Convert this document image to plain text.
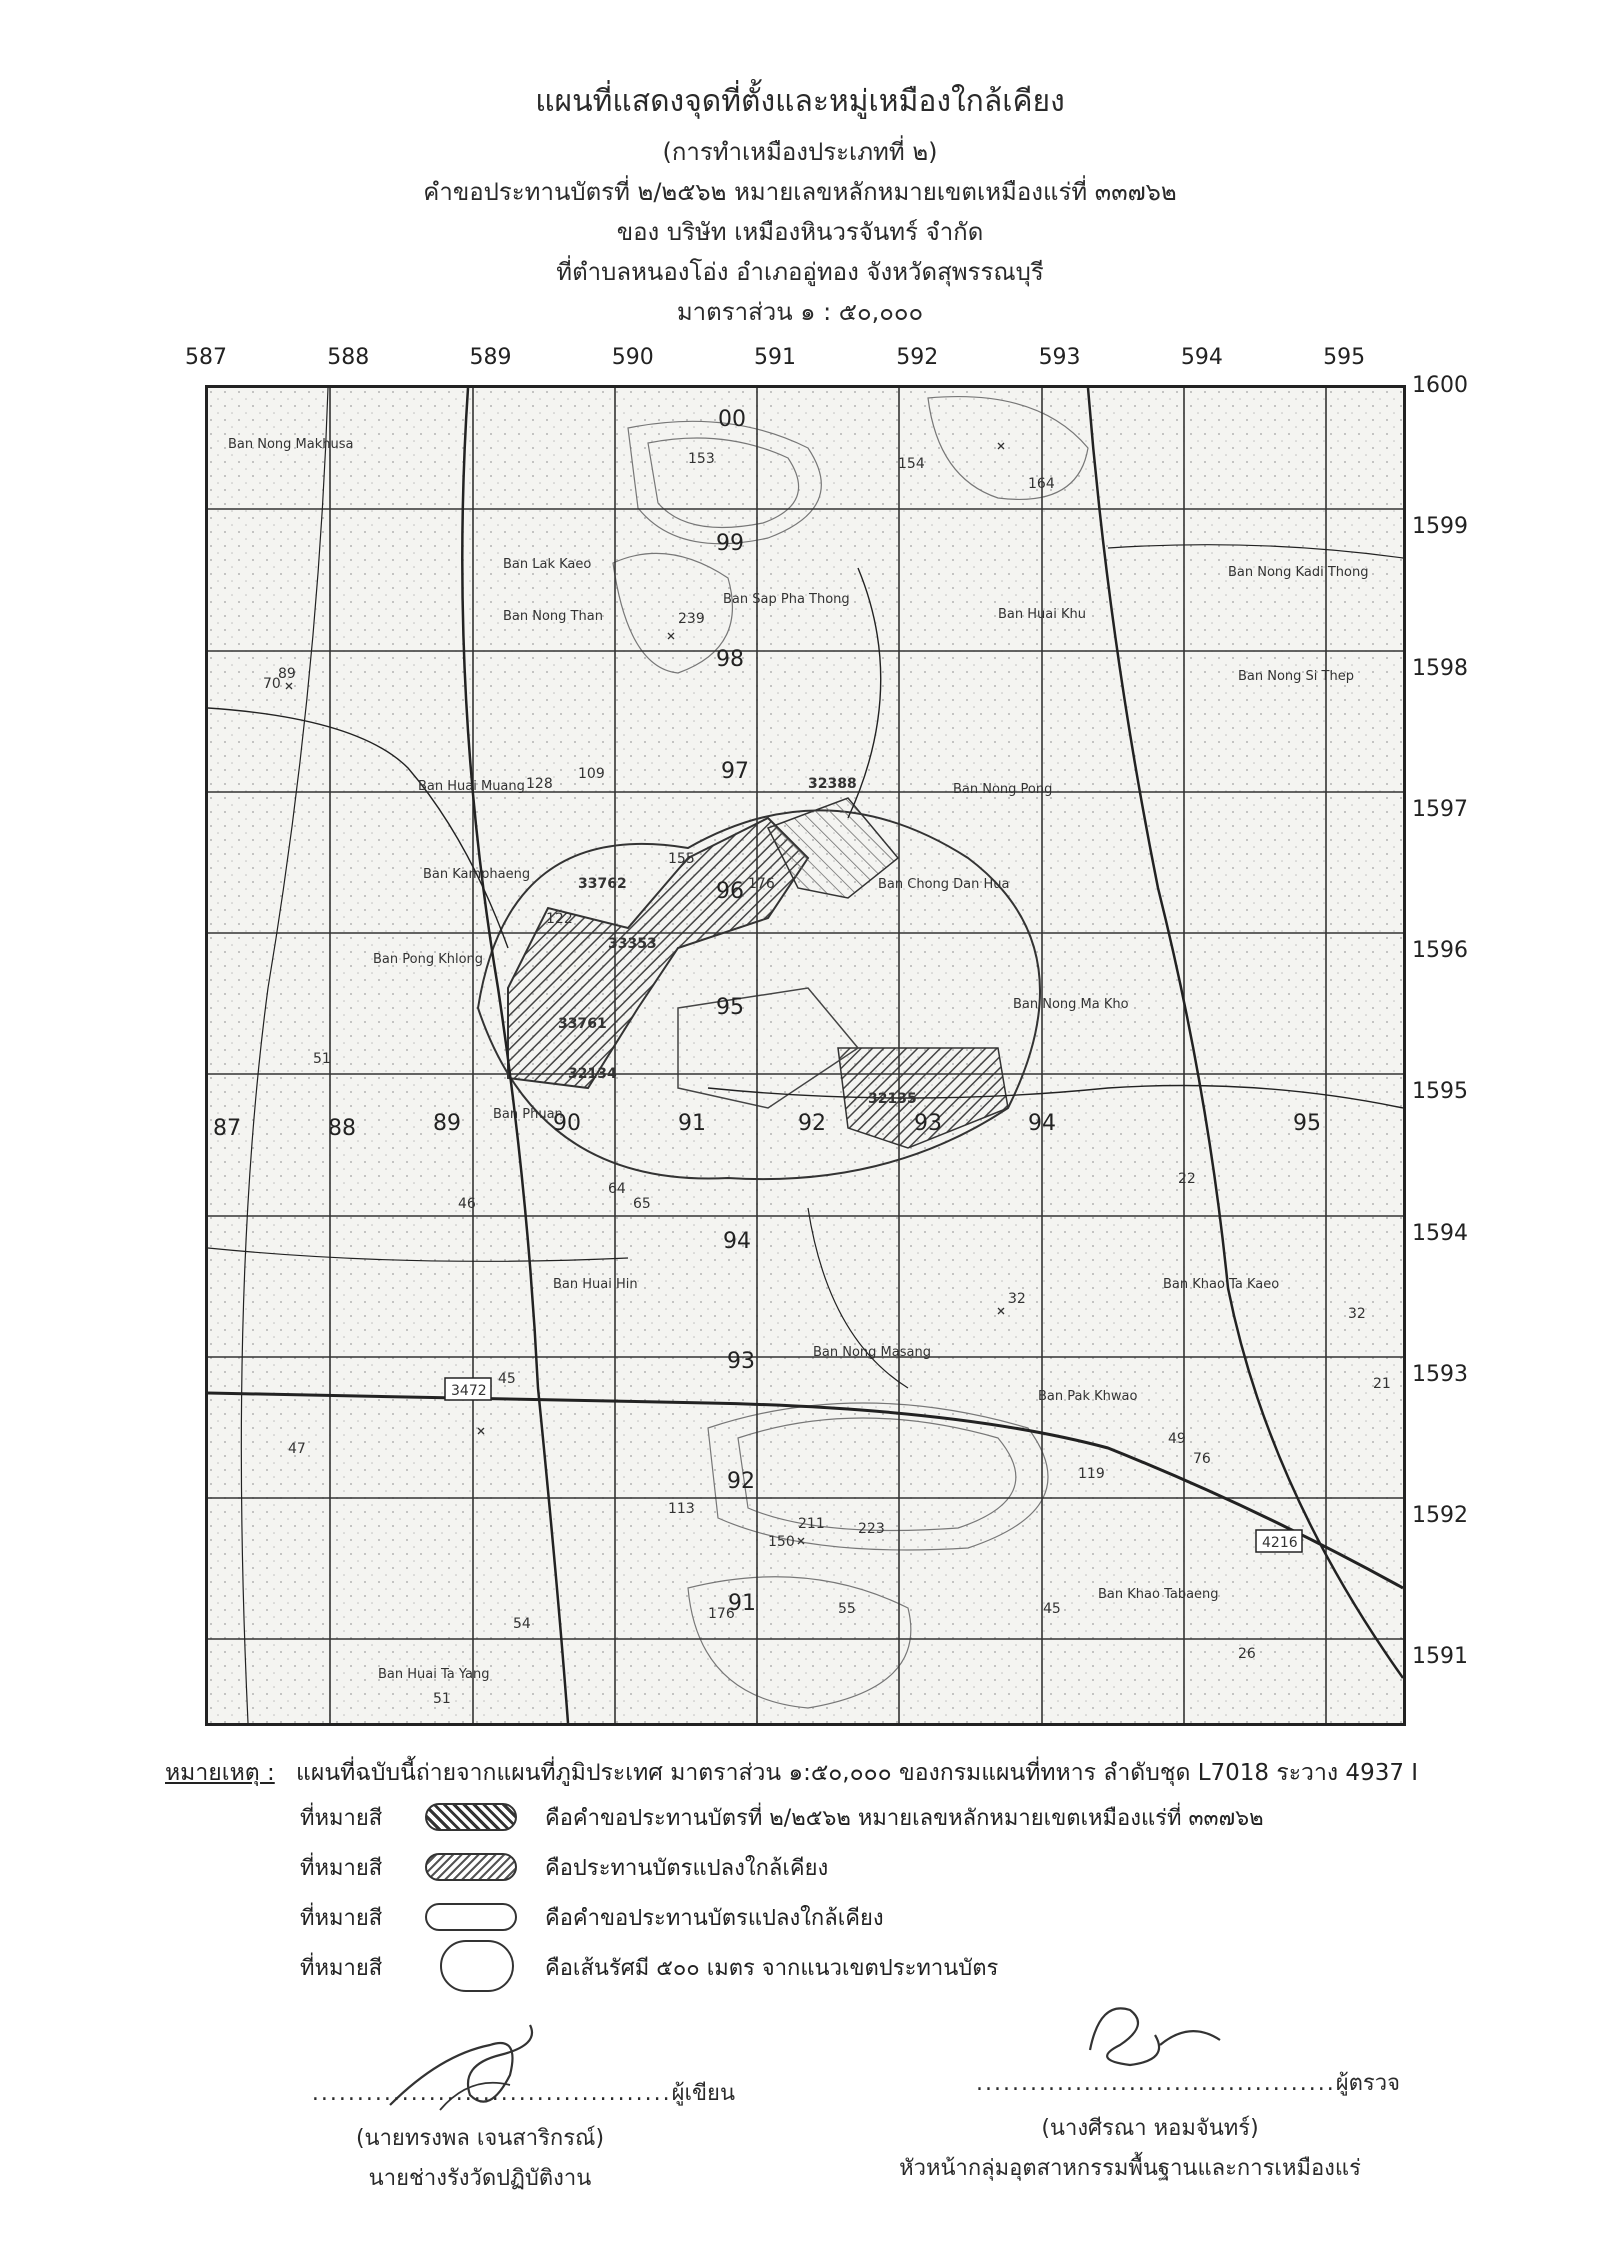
แผนที่แสดงจุดที่ตั้งและหมู่เหมืองใกล้เคียง
(การทำเหมืองประเภทที่ ๒)
คำขอประทานบัตรที่ ๒/๒๕๖๒ หมายเลขหลักหมายเขตเหมืองแร่ที่ ๓๓๗๖๒
ของ บริษัท เหมืองหินวรจันทร์ จำกัด
ที่ตำบลหนองโอ่ง อำเภออู่ทอง จังหวัดสุพรรณบุรี
มาตราส่วน ๑ : ๕๐,๐๐๐
587	588	589	590	591	592	593	594	595
1600
1599
1598
1597
1596
1595
1594
1593
1592
1591
00
99
98
97
96
95
94
93
92
91
87	88	89	90	91	92	93	94	95
Ban Nong Makhusa
Ban Lak Kaeo
Ban Nong Than
Ban Huai Muang
Ban Kamphaeng
Ban Pong Khlong
Ban Phuan
Ban Huai Hin
Ban Sap Pha Thong
Ban Nong Pong
Ban Chong Dan Hua
Ban Nong Ma Kho
Ban Nong Masang
Ban Pak Khwao
Ban Khao Tabaeng
Ban Huai Khu
Ban Nong Kadi Thong
Ban Nong Si Thep
Ban Khao Ta Kaeo
Ban Huai Ta Yang
3472
4216
89
153	154
164
239
70
128
109
155
122
176
51
46
64
65
45
47
32
22
21
49
76
119
113
211 223
150
176	55	45
26
54
51
32
33761
33762
32388
33353
32134
32135
หมายเหตุ : แผนที่ฉบับนี้ถ่ายจากแผนที่ภูมิประเทศ มาตราส่วน ๑:๕๐,๐๐๐ ของกรมแผนที่ทหาร ลำดับชุด L7018 ระวาง 4937 I
ที่หมายสี	คือคำขอประทานบัตรที่ ๒/๒๕๖๒ หมายเลขหลักหมายเขตเหมืองแร่ที่ ๓๓๗๖๒
ที่หมายสี	คือประทานบัตรแปลงใกล้เคียง
ที่หมายสี	คือคำขอประทานบัตรแปลงใกล้เคียง
ที่หมายสี	คือเส้นรัศมี ๕๐๐ เมตร จากแนวเขตประทานบัตร
........................................ผู้เขียน
(นายทรงพล เจนสาริกรณ์)
นายช่างรังวัดปฏิบัติงาน
........................................ผู้ตรวจ
(นางศีรณา หอมจันทร์)
หัวหน้ากลุ่มอุตสาหกรรมพื้นฐานและการเหมืองแร่
